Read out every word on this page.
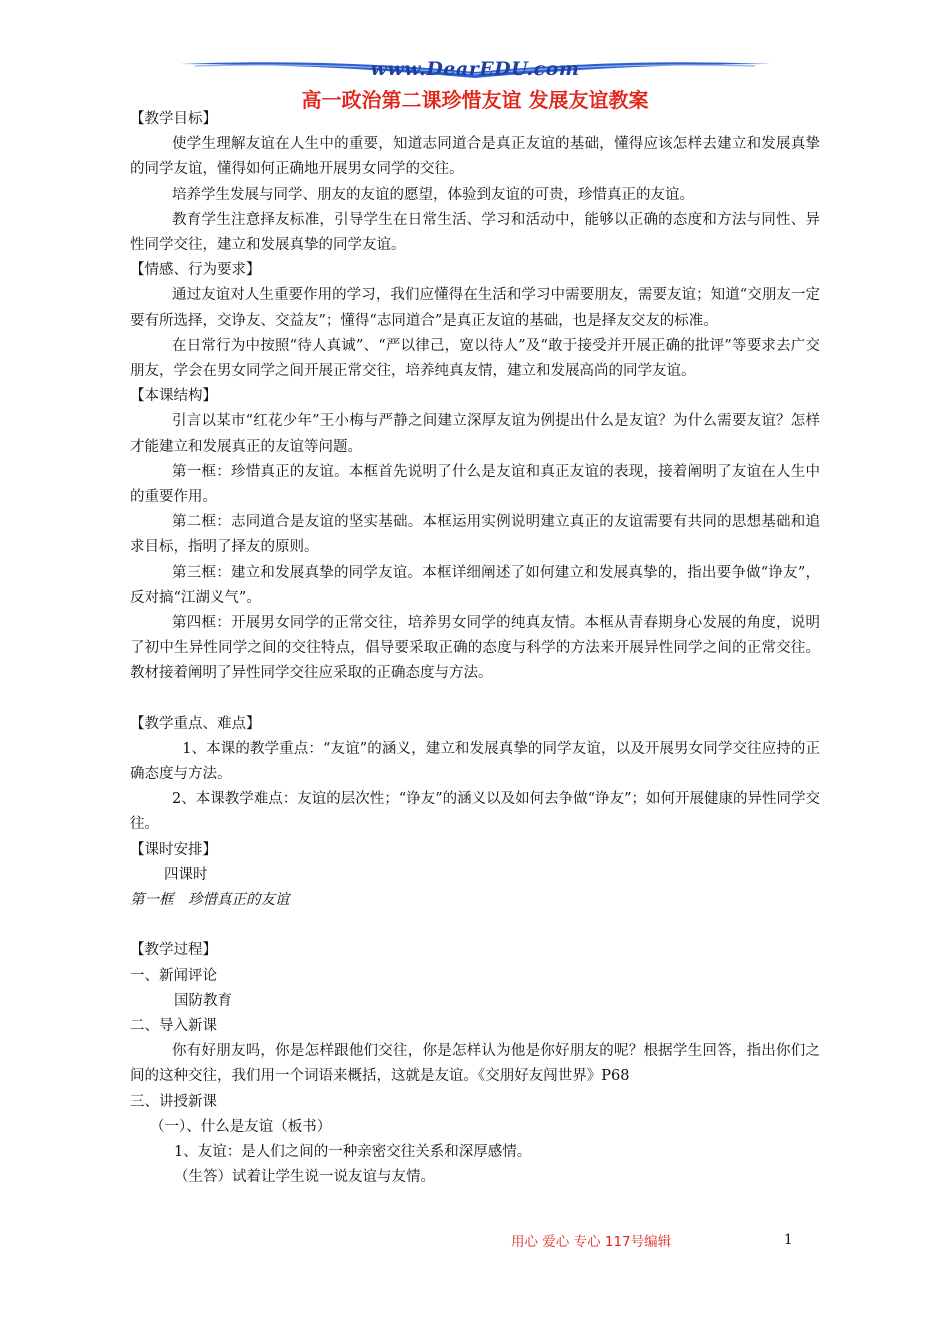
www.DearEDU.com
高一政治第二课珍惜友谊 发展友谊教案

【教学目标】

使学生理解友谊在人生中的重要，知道志同道合是真正友谊的基础，懂得应该怎样去建立和发展真挚的同学友谊，懂得如何正确地开展男女同学的交往。

培养学生发展与同学、朋友的友谊的愿望，体验到友谊的可贵，珍惜真正的友谊。

教育学生注意择友标准，引导学生在日常生活、学习和活动中，能够以正确的态度和方法与同性、异性同学交往，建立和发展真挚的同学友谊。

【情感、行为要求】

通过友谊对人生重要作用的学习，我们应懂得在生活和学习中需要朋友，需要友谊；知道“交朋友一定要有所选择，交诤友、交益友”；懂得“志同道合”是真正友谊的基础，也是择友交友的标准。

在日常行为中按照“待人真诚”、“严以律己，宽以待人”及“敢于接受并开展正确的批评”等要求去广交朋友，学会在男女同学之间开展正常交往，培养纯真友情，建立和发展高尚的同学友谊。

【本课结构】

引言以某市“红花少年”王小梅与严静之间建立深厚友谊为例提出什么是友谊？为什么需要友谊？怎样才能建立和发展真正的友谊等问题。

第一框：珍惜真正的友谊。本框首先说明了什么是友谊和真正友谊的表现，接着阐明了友谊在人生中的重要作用。

第二框：志同道合是友谊的坚实基础。本框运用实例说明建立真正的友谊需要有共同的思想基础和追求目标，指明了择友的原则。

第三框：建立和发展真挚的同学友谊。本框详细阐述了如何建立和发展真挚的，指出要争做“诤友”，反对搞“江湖义气”。

第四框：开展男女同学的正常交往，培养男女同学的纯真友情。本框从青春期身心发展的角度，说明了初中生异性同学之间的交往特点，倡导要采取正确的态度与科学的方法来开展异性同学之间的正常交往。教材接着阐明了异性同学交往应采取的正确态度与方法。

【教学重点、难点】

1、本课的教学重点：“友谊”的涵义，建立和发展真挚的同学友谊，以及开展男女同学交往应持的正确态度与方法。

2、本课教学难点：友谊的层次性；“诤友”的涵义以及如何去争做“诤友”；如何开展健康的异性同学交往。

【课时安排】

四课时

第一框　珍惜真正的友谊

【教学过程】

一、新闻评论

国防教育

二、导入新课

你有好朋友吗，你是怎样跟他们交往，你是怎样认为他是你好朋友的呢？根据学生回答，指出你们之间的这种交往，我们用一个词语来概括，这就是友谊。《交朋好友闯世界》P68

三、讲授新课

（一）、什么是友谊（板书）

1、友谊：是人们之间的一种亲密交往关系和深厚感情。

（生答）试着让学生说一说友谊与友情。

用心 爱心 专心 117号编辑	1
